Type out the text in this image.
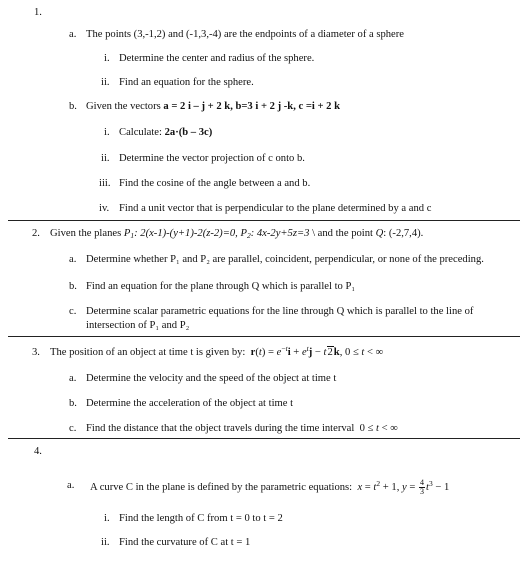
1.
a. The points (3,-1,2) and (-1,3,-4) are the endpoints of a diameter of a sphere
i. Determine the center and radius of the sphere.
ii. Find an equation for the sphere.
b. Given the vectors a = 2 i – j + 2 k, b=3 i + 2 j -k, c =i + 2 k
i. Calculate: 2a·(b – 3c)
ii. Determine the vector projection of c onto b.
iii. Find the cosine of the angle between a and b.
iv. Find a unit vector that is perpendicular to the plane determined by a and c
2. Given the planes $P_1$: 2(x-1)-(y+1)-2(z-2)=0, $P_2$: 4x-2y+5z=3 \ and the point Q: (-2,7,4).
a. Determine whether P₁ and P₂ are parallel, coincident, perpendicular, or none of the preceding.
b. Find an equation for the plane through Q which is parallel to P₁
c. Determine scalar parametric equations for the line through Q which is parallel to the line of
intersection of P₁ and P₂
3. The position of an object at time t is given by: $r(t) = e^{-t}i + e^tj - t2k$, 0 ≤ t < ∞
a. Determine the velocity and the speed of the object at time t
b. Determine the acceleration of the object at time t
c. Find the distance that the object travels during the time interval  0 ≤ t < ∞
4.
a. A curve C in the plane is defined by the parametric equations: $x = t^2 + 1$, $y = \frac{4}{3} t^3 - 1$
i. Find the length of C from t = 0 to t = 2
ii. Find the curvature of C at t = 1
